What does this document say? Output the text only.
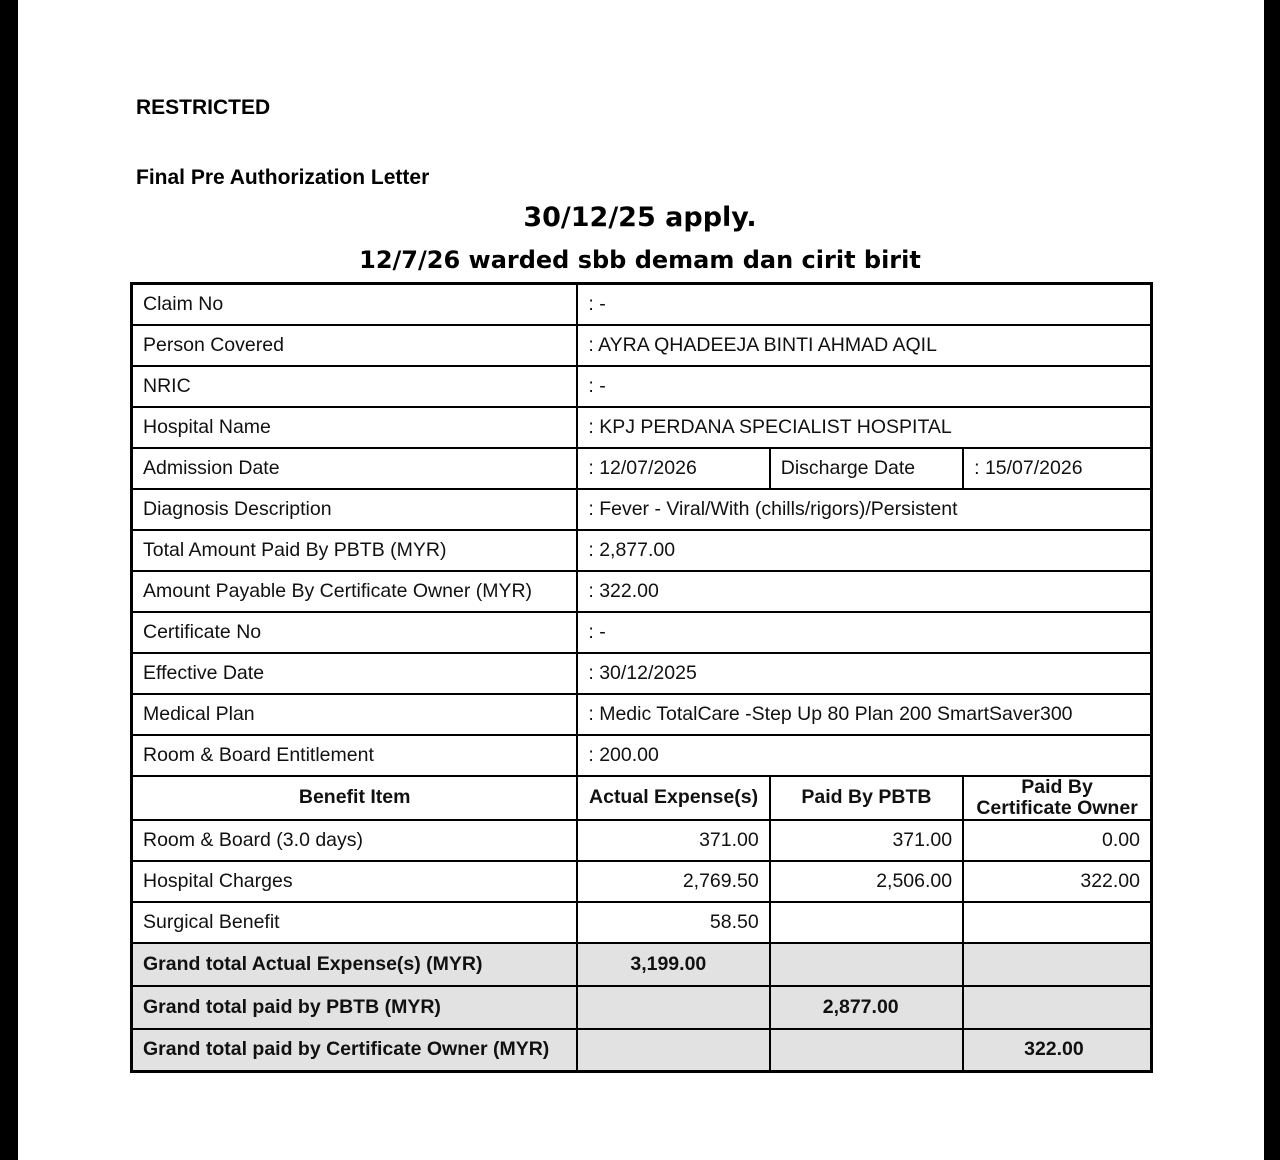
RESTRICTED
Final Pre Authorization Letter
30/12/25 apply.
12/7/26 warded sbb demam dan cirit birit
Claim No	: -		
Person Covered	: AYRA QHADEEJA BINTI AHMAD AQIL		
NRIC	: -		
Hospital Name	: KPJ PERDANA SPECIALIST HOSPITAL		
Admission Date	: 12/07/2026	Discharge Date	: 15/07/2026
Diagnosis Description	: Fever - Viral/With (chills/rigors)/Persistent		
Total Amount Paid By PBTB (MYR)	: 2,877.00		
Amount Payable By Certificate Owner (MYR)	: 322.00		
Certificate No	: -		
Effective Date	: 30/12/2025		
Medical Plan	: Medic TotalCare -Step Up 80 Plan 200 SmartSaver300		
Room & Board Entitlement	: 200.00		
Benefit Item	Actual Expense(s)	Paid By PBTB	Paid By Certificate Owner
Room & Board (3.0 days)	371.00	371.00	0.00
Hospital Charges	2,769.50	2,506.00	322.00
Surgical Benefit	58.50		
Grand total Actual Expense(s) (MYR)	3,199.00		
Grand total paid by PBTB (MYR)		2,877.00	
Grand total paid by Certificate Owner (MYR)			322.00
